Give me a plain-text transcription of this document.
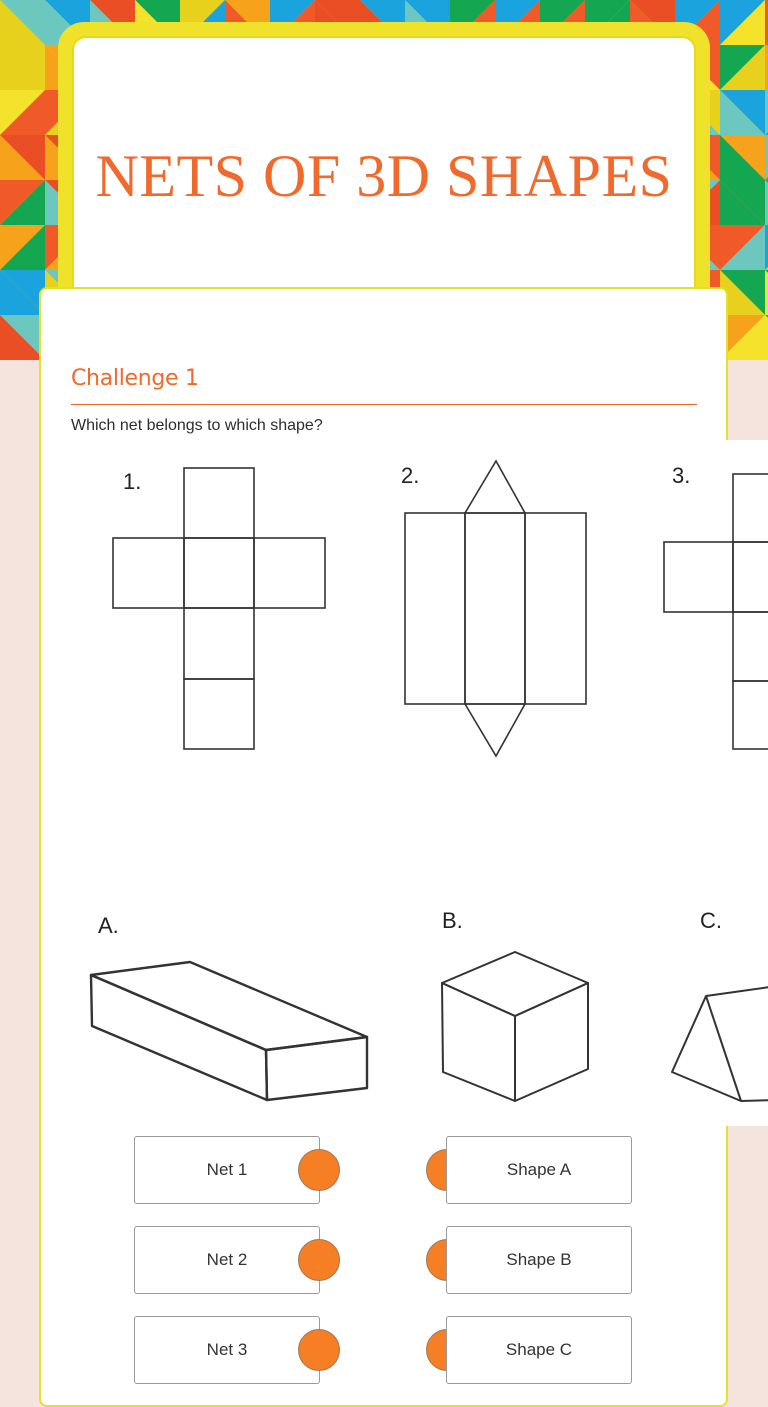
NETS OF 3D SHAPES
Challenge 1
Which net belongs to which shape?
1.	2.	3.
A.	B.	C.
Net 1	Shape A
Net 2	Shape B
Net 3	Shape C
